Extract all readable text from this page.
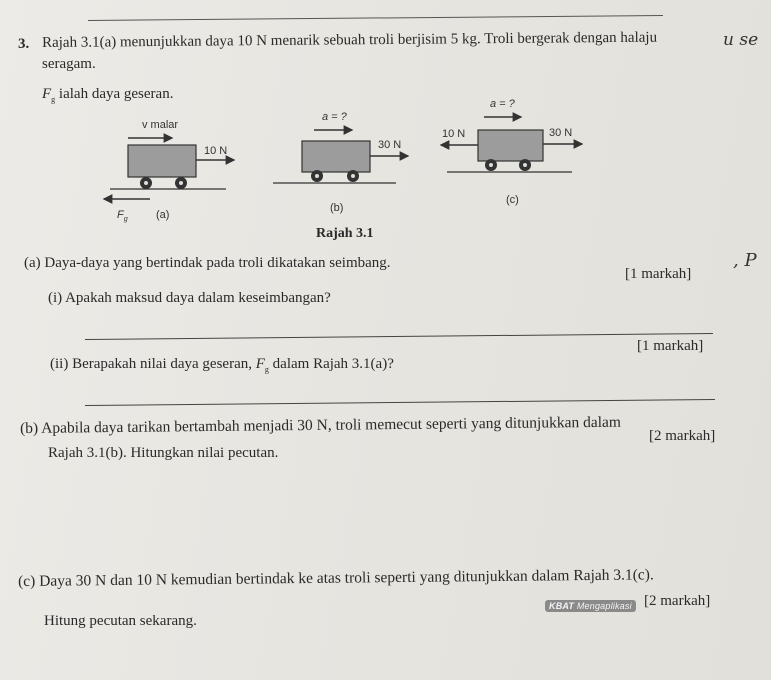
3. Rajah 3.1(a) menunjukkan daya 10 N menarik sebuah troli berjisim 5 kg. Troli bergerak dengan halaju
seragam.
$F_g$ ialah daya geseran.
u se
, P
v malar
10 N
$F_g$	(a)
a = ?
30 N
(b)
a = ?
10 N	30 N
(c)
Rajah 3.1
(a) Daya-daya yang bertindak pada troli dikatakan seimbang.
[1 markah]
(i) Apakah maksud daya dalam keseimbangan?
[1 markah]
(ii) Berapakah nilai daya geseran, $F_g$ dalam Rajah 3.1(a)?
(b) Apabila daya tarikan bertambah menjadi 30 N, troli memecut seperti yang ditunjukkan dalam [2 markah]
Rajah 3.1(b). Hitungkan nilai pecutan.
(c) Daya 30 N dan 10 N kemudian bertindak ke atas troli seperti yang ditunjukkan dalam Rajah 3.1(c).
KBAT Mengaplikasi [2 markah]
Hitung pecutan sekarang.
